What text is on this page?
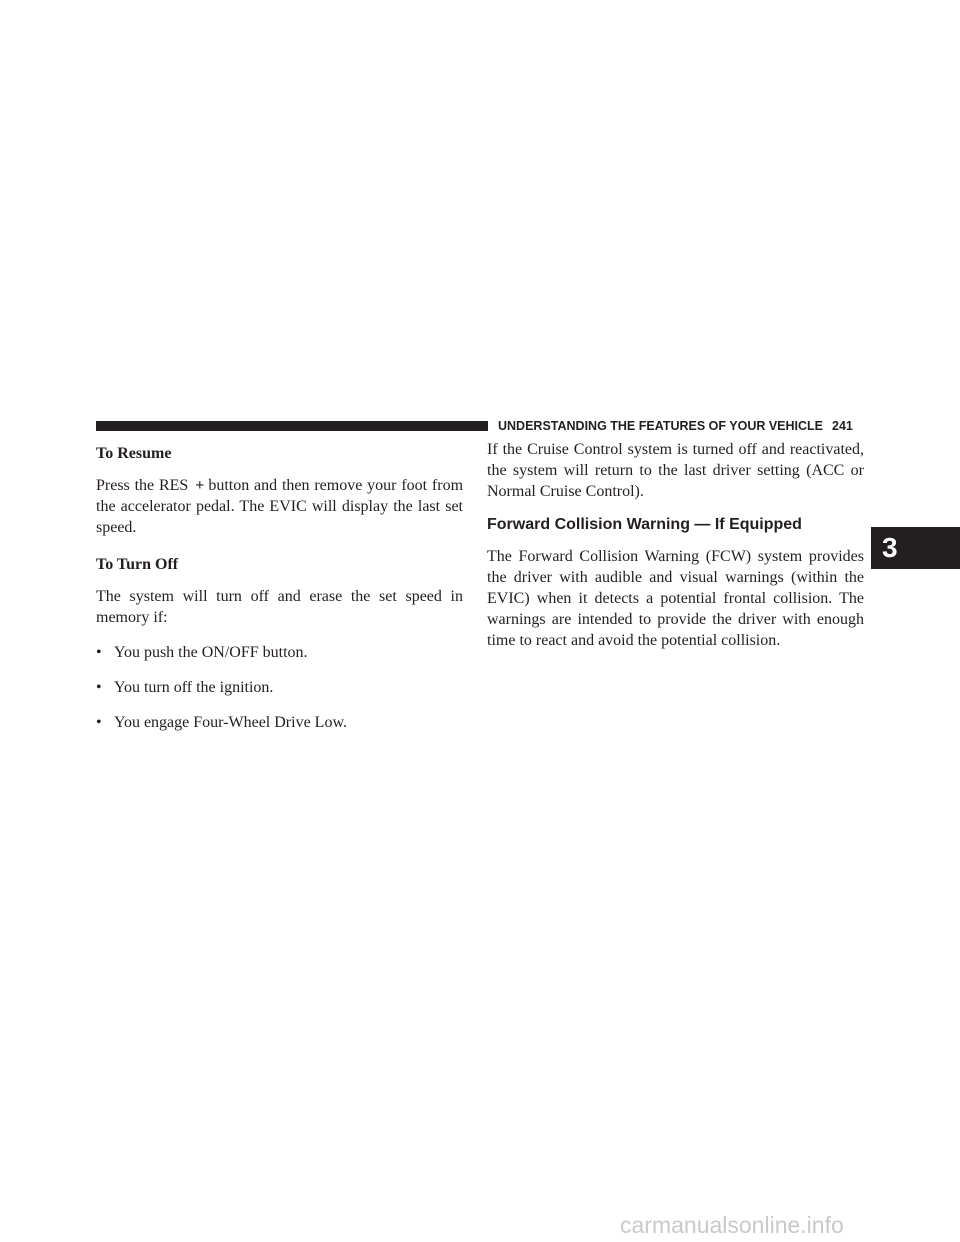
UNDERSTANDING THE FEATURES OF YOUR VEHICLE 241

To Resume

Press the RES + button and then remove your foot from the accelerator pedal. The EVIC will display the last set speed.

To Turn Off

The system will turn off and erase the set speed in memory if:

• You push the ON/OFF button.
• You turn off the ignition.
• You engage Four-Wheel Drive Low.

If the Cruise Control system is turned off and reactivated, the system will return to the last driver setting (ACC or Normal Cruise Control).

Forward Collision Warning — If Equipped

The Forward Collision Warning (FCW) system provides the driver with audible and visual warnings (within the EVIC) when it detects a potential frontal collision. The warnings are intended to provide the driver with enough time to react and avoid the potential collision.

3
carmanualsonline.info
